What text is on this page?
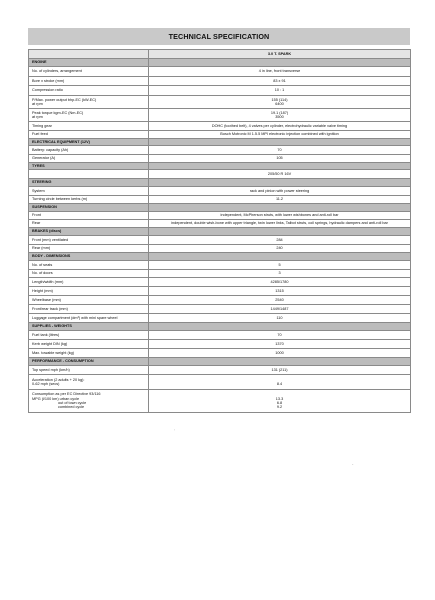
TECHNICAL SPECIFICATION
	3.0 T. SPARK
ENGINE	

No. of cylinders, arrangement	4 in line, front transverse

Bore x stroke (mm)	83 x 91

Compression ratio	10 : 1

P/Max. power output bhp-EC (kW-EC)
at rpm	155 (114)
6400

Peak torque kgm-EC (Nm-EC)
at rpm	19.1 (187)
3500

Timing gear	DOHC (toothed belt), 4 valves per cylinder, electrohydraulic variable valve timing

Fuel feed	Bosch Motronic M 1.5.5 MPI electronic injection combined with ignition

ELECTRICAL EQUIPMENT (12V)	

Battery: capacity (Ah)	70

Generator (A)	105

TYRES	

	205/50 R 16V

STEERING	

System	rack and pinion with power steering

Turning circle between kerbs (m)	11.2

SUSPENSION	

Front	independent, McPherson struts, with lower wishbones and anti-roll bar

Rear	independent, double wish-bone with upper triangle, twin lower links, Talbot struts, coil springs, hydraulic dampers and anti-roll bar

BRAKES (discs)	

Front (mm) ventilated	284

Rear (mm)	240

BODY - DIMENSIONS	

No. of seats	5

No. of doors	3

Length/width (mm)	4285/1780

Height (mm)	1315

Wheelbase (mm)	2540

Front/rear track (mm)	1449/1487

Luggage compartment (dm³) with mini spare wheel	110

SUPPLIES - WEIGHTS	

Fuel tank (litres)	70

Kerb weight DIN (kg)	1370

Max. towable weight (kg)	1000

PERFORMANCE - CONSUMPTION	

Top speed mph (km/h)	131 (211)

Acceleration (2 adults + 20 kg):
0-62 mph (secs)	8.4

Consumption as per EC Directive 93/116
MPG (l/100 km) urban cycle
out of town cycle
combined cycle	13.3
6.8
9.2
-
'
